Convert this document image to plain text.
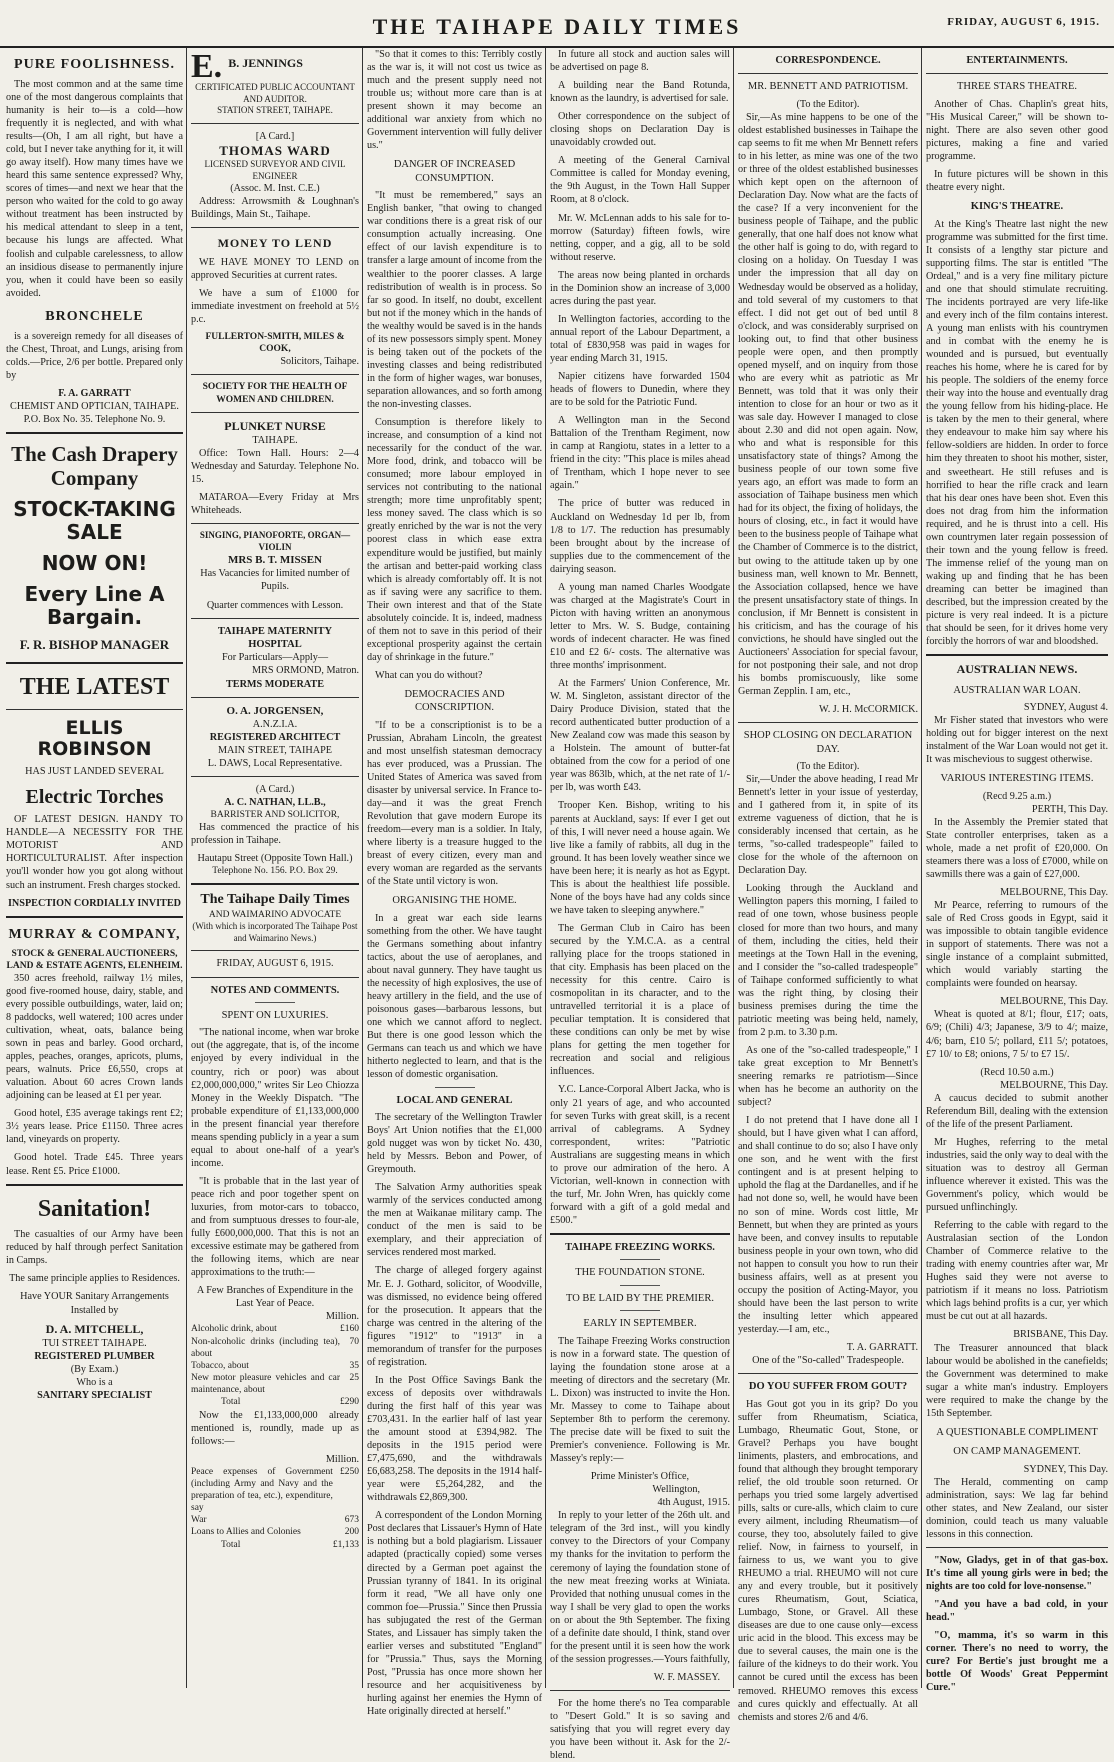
THE TAIHAPE DAILY TIMES	FRIDAY, AUGUST 6, 1915.
PURE FOOLISHNESS.

The most common and at the same time one of the most dangerous complaints that humanity is heir to—is a cold—how frequently it is neglected, and with what results—(Oh, I am all right, but have a cold, but I never take anything for it, it will go away itself). How many times have we heard this same sentence expressed? Why, scores of times—and next we hear that the person who waited for the cold to go away without treatment has been instructed by his medical attendant to sleep in a tent, because his lungs are affected. What foolish and culpable carelessness, to allow an insidious disease to permanently injure you, when it could have been so easily avoided.

BRONCHELE

is a sovereign remedy for all diseases of the Chest, Throat, and Lungs, arising from colds.—Price, 2/6 per bottle. Prepared only by

F. A. GARRATT
CHEMIST AND OPTICIAN, TAIHAPE.
P.O. Box No. 35. Telephone No. 9.
The Cash Drapery Company
STOCK-TAKING SALE
NOW ON!
Every Line A Bargain.
F. R. BISHOP MANAGER
THE LATEST
ELLIS ROBINSON
HAS JUST LANDED SEVERAL
Electric Torches

OF LATEST DESIGN. HANDY TO HANDLE—A NECESSITY FOR THE MOTORIST AND HORTICULTURALIST. After inspection you'll wonder how you got along without such an instrument. Fresh charges stocked.

INSPECTION CORDIALLY INVITED
MURRAY & COMPANY,
STOCK & GENERAL AUCTIONEERS, LAND & ESTATE AGENTS, ELENHEIM.

350 acres freehold, railway 1½ miles, good five-roomed house, dairy, stable, and every possible outbuildings, water, laid on; 8 paddocks, well watered; 100 acres under cultivation, wheat, oats, balance being sown in peas and barley. Good orchard, apples, peaches, oranges, apricots, plums, pears, walnuts. Price £6,550, crops at valuation. About 60 acres Crown lands adjoining can be leased at £1 per year.

Good hotel, £35 average takings rent £2; 3½ years lease. Price £1150. Three acres land, vineyards on property.

Good hotel. Trade £45. Three years lease. Rent £5. Price £1000.

Sanitation!

The casualties of our Army have been reduced by half through perfect Sanitation in Camps.

The same principle applies to Residences.

Have YOUR Sanitary Arrangements Installed by

D. A. MITCHELL,
TUI STREET TAIHAPE.
REGISTERED PLUMBER
(By Exam.)
Who is a
SANITARY SPECIALIST
E. B. JENNINGS
CERTIFICATED PUBLIC ACCOUNTANT AND AUDITOR.
STATION STREET, TAIHAPE.
[A Card.]
THOMAS WARD
LICENSED SURVEYOR AND CIVIL ENGINEER
(Assoc. M. Inst. C.E.)

Address: Arrowsmith & Loughnan's Buildings, Main St., Taihape.

MONEY TO LEND

WE HAVE MONEY TO LEND on approved Securities at current rates.

We have a sum of £1000 for immediate investment on freehold at 5½ p.c.

FULLERTON-SMITH, MILES & COOK,
Solicitors, Taihape.
SOCIETY FOR THE HEALTH OF WOMEN AND CHILDREN.
PLUNKET NURSE
TAIHAPE.

Office: Town Hall. Hours: 2—4 Wednesday and Saturday. Telephone No. 15.

MATAROA—Every Friday at Mrs Whiteheads.

SINGING, PIANOFORTE, ORGAN—VIOLIN
MRS B. T. MISSEN

Has Vacancies for limited number of Pupils.

Quarter commences with Lesson.

TAIHAPE MATERNITY HOSPITAL
For Particulars—Apply—
MRS ORMOND, Matron.
TERMS MODERATE
O. A. JORGENSEN,
A.N.Z.I.A.
REGISTERED ARCHITECT
MAIN STREET, TAIHAPE
L. DAWS, Local Representative.
(A Card.)
A. C. NATHAN, LL.B.,
BARRISTER AND SOLICITOR,

Has commenced the practice of his profession in Taihape.

Hautapu Street (Opposite Town Hall.)
Telephone No. 156. P.O. Box 29.
The Taihape Daily Times
AND WAIMARINO ADVOCATE
(With which is incorporated The Taihape Post and Waimarino News.)
FRIDAY, AUGUST 6, 1915.
NOTES AND COMMENTS.
SPENT ON LUXURIES.

"The national income, when war broke out (the aggregate, that is, of the income enjoyed by every individual in the country, rich or poor) was about £2,000,000,000," writes Sir Leo Chiozza Money in the Weekly Dispatch. "The probable expenditure of £1,133,000,000 in the present financial year therefore means spending publicly in a year a sum equal to about one-half of a year's income.

"It is probable that in the last year of peace rich and poor together spent on luxuries, from motor-cars to tobacco, and from sumptuous dresses to four-ale, fully £600,000,000. That this is not an excessive estimate may be gathered from the following items, which are near approximations to the truth:—

A Few Branches of Expenditure in the Last Year of Peace.
Million.
Alcoholic drink, about	£160
Non-alcoholic drinks (including tea), about	70
Tobacco, about	35
New motor pleasure vehicles and car maintenance, about	25
Total	£290

Now the £1,133,000,000 already mentioned is, roundly, made up as follows:—

Million.
Peace expenses of Government (including Army and Navy and the preparation of tea, etc.), expenditure, say	£250
War	673
Loans to Allies and Colonies	200
Total	£1,133

"So that it comes to this: Terribly costly as the war is, it will not cost us twice as much and the present supply need not trouble us; without more care than is at present shown it may become an additional war anxiety from which no Government intervention will fully deliver us."

DANGER OF INCREASED CONSUMPTION.

"It must be remembered," says an English banker, "that owing to changed war conditions there is a great risk of our consumption actually increasing. One effect of our lavish expenditure is to transfer a large amount of income from the wealthier to the poorer classes. A large redistribution of wealth is in process. So far so good. In itself, no doubt, excellent but not if the money which in the hands of the wealthy would be saved is in the hands of its new possessors simply spent. Money is being taken out of the pockets of the investing classes and being redistributed in the form of higher wages, war bonuses, separation allowances, and so forth among the non-investing classes.

Consumption is therefore likely to increase, and consumption of a kind not necessarily for the conduct of the war. More food, drink, and tobacco will be consumed; more labour employed in services not contributing to the national strength; more time unprofitably spent; less money saved. The class which is so greatly enriched by the war is not the very poorest class in which ease extra expenditure would be justified, but mainly the artisan and better-paid working class which is already comfortably off. It is not as if saving were any sacrifice to them. Their own interest and that of the State absolutely coincide. It is, indeed, madness of them not to save in this period of their exceptional prosperity against the certain day of shrinkage in the future."

What can you do without?

DEMOCRACIES AND CONSCRIPTION.

"If to be a conscriptionist is to be a Prussian, Abraham Lincoln, the greatest and most unselfish statesman democracy has ever produced, was a Prussian. The United States of America was saved from disaster by universal service. In France to-day—and it was the great French Revolution that gave modern Europe its freedom—every man is a soldier. In Italy, where liberty is a treasure hugged to the breast of every citizen, every man and every woman are regarded as the servants of the State until victory is won.

ORGANISING THE HOME.

In a great war each side learns something from the other. We have taught the Germans something about infantry tactics, about the use of aeroplanes, and about naval gunnery. They have taught us the necessity of high explosives, the use of heavy artillery in the field, and the use of poisonous gases—barbarous lessons, but one which we cannot afford to neglect. But there is one good lesson which the Germans can teach us and which we have hitherto neglected to learn, and that is the lesson of domestic organisation.

LOCAL AND GENERAL

The secretary of the Wellington Trawler Boys' Art Union notifies that the £1,000 gold nugget was won by ticket No. 430, held by Messrs. Bebon and Power, of Greymouth.

The Salvation Army authorities speak warmly of the services conducted among the men at Waikanae military camp. The conduct of the men is said to be exemplary, and their appreciation of services rendered most marked.

The charge of alleged forgery against Mr. E. J. Gothard, solicitor, of Woodville, was dismissed, no evidence being offered for the prosecution. It appears that the charge was centred in the altering of the figures "1912" to "1913" in a memorandum of transfer for the purposes of registration.

In the Post Office Savings Bank the excess of deposits over withdrawals during the first half of this year was £703,431. In the earlier half of last year the amount stood at £394,982. The deposits in the 1915 period were £7,475,690, and the withdrawals £6,683,258. The deposits in the 1914 half-year were £5,264,282, and the withdrawals £2,869,300.

A correspondent of the London Morning Post declares that Lissauer's Hymn of Hate is nothing but a bold plagiarism. Lissauer adapted (practically copied) some verses directed by a German poet against the Prussian tyranny of 1841. In its original form it read, "We all have only one common foe—Prussia." Since then Prussia has subjugated the rest of the German States, and Lissauer has simply taken the earlier verses and substituted "England" for "Prussia." Thus, says the Morning Post, "Prussia has once more shown her resource and her acquisitiveness by hurling against her enemies the Hymn of Hate originally directed at herself."

In future all stock and auction sales will be advertised on page 8.

A building near the Band Rotunda, known as the laundry, is advertised for sale.

Other correspondence on the subject of closing shops on Declaration Day is unavoidably crowded out.

A meeting of the General Carnival Committee is called for Monday evening, the 9th August, in the Town Hall Supper Room, at 8 o'clock.

Mr. W. McLennan adds to his sale for to-morrow (Saturday) fifteen fowls, wire netting, copper, and a gig, all to be sold without reserve.

The areas now being planted in orchards in the Dominion show an increase of 3,000 acres during the past year.

In Wellington factories, according to the annual report of the Labour Department, a total of £830,958 was paid in wages for year ending March 31, 1915.

Napier citizens have forwarded 1504 heads of flowers to Dunedin, where they are to be sold for the Patriotic Fund.

A Wellington man in the Second Battalion of the Trentham Regiment, now in camp at Rangiotu, states in a letter to a friend in the city: "This place is miles ahead of Trentham, which I hope never to see again."

The price of butter was reduced in Auckland on Wednesday 1d per lb, from 1/8 to 1/7. The reduction has presumably been brought about by the increase of supplies due to the commencement of the dairying season.

A young man named Charles Woodgate was charged at the Magistrate's Court in Picton with having written an anonymous letter to Mrs. W. S. Budge, containing words of indecent character. He was fined £10 and £2 6/- costs. The alternative was three months' imprisonment.

At the Farmers' Union Conference, Mr. W. M. Singleton, assistant director of the Dairy Produce Division, stated that the record authenticated butter production of a New Zealand cow was made this season by a Holstein. The amount of butter-fat obtained from the cow for a period of one year was 863lb, which, at the net rate of 1/- per lb, was worth £43.

Trooper Ken. Bishop, writing to his parents at Auckland, says: If ever I get out of this, I will never need a house again. We live like a family of rabbits, all dug in the ground. It has been lovely weather since we have been here; it is nearly as hot as Egypt. This is about the healthiest life possible. None of the boys have had any colds since we have taken to sleeping anywhere."

The German Club in Cairo has been secured by the Y.M.C.A. as a central rallying place for the troops stationed in that city. Emphasis has been placed on the necessity for this centre. Cairo is cosmopolitan in its character, and to the untravelled territorial it is a place of peculiar temptation. It is considered that these conditions can only be met by wise plans for getting the men together for recreation and social and religious influences.

Y.C. Lance-Corporal Albert Jacka, who is only 21 years of age, and who accounted for seven Turks with great skill, is a recent arrival of cablegrams. A Sydney correspondent, writes: "Patriotic Australians are suggesting means in which to prove our admiration of the hero. A Victorian, well-known in connection with the turf, Mr. John Wren, has quickly come forward with a gift of a gold medal and £500."

TAIHAPE FREEZING WORKS.
THE FOUNDATION STONE.
TO BE LAID BY THE PREMIER.
EARLY IN SEPTEMBER.

The Taihape Freezing Works construction is now in a forward state. The question of laying the foundation stone arose at a meeting of directors and the secretary (Mr. L. Dixon) was instructed to invite the Hon. Mr. Massey to come to Taihape about September 8th to perform the ceremony. The precise date will be fixed to suit the Premier's convenience. Following is Mr. Massey's reply:—

Prime Minister's Office,
Wellington,
4th August, 1915.

In reply to your letter of the 26th ult. and telegram of the 3rd inst., will you kindly convey to the Directors of your Company my thanks for the invitation to perform the ceremony of laying the foundation stone of the new meat freezing works at Winiata. Provided that nothing unusual comes in the way I shall be very glad to open the works on or about the 9th September. The fixing of a definite date should, I think, stand over for the present until it is seen how the work of the session progresses.—Yours faithfully,

W. F. MASSEY.

For the home there's no Tea comparable to "Desert Gold." It is so saving and satisfying that you will regret every day you have been without it. Ask for the 2/- blend.

CORRESPONDENCE.
MR. BENNETT AND PATRIOTISM.
(To the Editor).

Sir,—As mine happens to be one of the oldest established businesses in Taihape the cap seems to fit me when Mr Bennett refers to in his letter, as mine was one of the two or three of the oldest established businesses which kept open on the afternoon of Declaration Day. Now what are the facts of the case? If a very inconvenient for the business people of Taihape, and the public generally, that one half does not know what the other half is going to do, with regard to closing on a holiday. On Tuesday I was under the impression that all day on Wednesday would be observed as a holiday, and told several of my customers to that effect. I did not get out of bed until 8 o'clock, and was considerably surprised on looking out, to find that other business people were open, and then promptly opened myself, and on inquiry from those who are every whit as patriotic as Mr Bennett, was told that it was only their intention to close for an hour or two as it was sale day. However I managed to close about 2.30 and did not open again. Now, who and what is responsible for this unsatisfactory state of things? Among the business people of our town some five years ago, an effort was made to form an association of Taihape business men which had for its object, the fixing of holidays, the hours of closing, etc., in fact it would have been to the business people of Taihape what the Chamber of Commerce is to the district, but owing to the attitude taken up by one business man, well known to Mr. Bennett, the Association collapsed, hence we have the present unsatisfactory state of things. In conclusion, if Mr Bennett is consistent in his criticism, and has the courage of his convictions, he should have singled out the Auctioneers' Association for special favour, for not postponing their sale, and not drop his bombs promiscuously, like some German Zepplin. I am, etc.,

W. J. H. McCORMICK.
SHOP CLOSING ON DECLARATION DAY.
(To the Editor).

Sir,—Under the above heading, I read Mr Bennett's letter in your issue of yesterday, and I gathered from it, in spite of its extreme vagueness of diction, that he is considerably incensed that certain, as he terms, "so-called tradespeople" failed to close for the whole of the afternoon on Declaration Day.

Looking through the Auckland and Wellington papers this morning, I failed to read of one town, whose business people closed for more than two hours, and many of them, including the cities, held their meetings at the Town Hall in the evening, and I consider the "so-called tradespeople" of Taihape conformed sufficiently to what was the right thing, by closing their business premises during the time the patriotic meeting was being held, namely, from 2 p.m. to 3.30 p.m.

As one of the "so-called tradespeople," I take great exception to Mr Bennett's sneering remarks re patriotism—Since when has he become an authority on the subject?

I do not pretend that I have done all I should, but I have given what I can afford, and shall continue to do so; also I have only one son, and he went with the first contingent and is at present helping to uphold the flag at the Dardanelles, and if he had not done so, well, he would have been no son of mine. Words cost little, Mr Bennett, but when they are printed as yours have been, and convey insults to reputable business people in your own town, who did not happen to consult you how to run their business affairs, well as at present you occupy the position of Acting-Mayor, you should have been the last person to write the insulting letter which appeared yesterday.—I am, etc.,

T. A. GARRATT.
One of the "So-called" Tradespeople.
DO YOU SUFFER FROM GOUT?

Has Gout got you in its grip? Do you suffer from Rheumatism, Sciatica, Lumbago, Rheumatic Gout, Stone, or Gravel? Perhaps you have bought liniments, plasters, and embrocations, and found that although they brought temporary relief, the old trouble soon returned. Or perhaps you tried some largely advertised pills, salts or cure-alls, which claim to cure every ailment, including Rheumatism—of course, they too, absolutely failed to give relief. Now, in fairness to yourself, in fairness to us, we want you to give RHEUMO a trial. RHEUMO will not cure any and every trouble, but it positively cures Rheumatism, Gout, Sciatica, Lumbago, Stone, or Gravel. All these diseases are due to one cause only—excess uric acid in the blood. This excess may be due to several causes, the main one is the failure of the kidneys to do their work. You cannot be cured until the excess has been removed. RHEUMO removes this excess and cures quickly and effectually. At all chemists and stores 2/6 and 4/6.

ENTERTAINMENTS.
THREE STARS THEATRE.

Another of Chas. Chaplin's great hits, "His Musical Career," will be shown to-night. There are also seven other good pictures, making a fine and varied programme.

In future pictures will be shown in this theatre every night.

KING'S THEATRE.

At the King's Theatre last night the new programme was submitted for the first time. It consists of a lengthy star picture and supporting films. The star is entitled "The Ordeal," and is a very fine military picture and one that should stimulate recruiting. The incidents portrayed are very life-like and every inch of the film contains interest. A young man enlists with his countrymen and in combat with the enemy he is wounded and is pursued, but eventually reaches his home, where he is cared for by his people. The soldiers of the enemy force their way into the house and eventually drag the young fellow from his hiding-place. He is taken by the men to their general, where they endeavour to make him say where his fellow-soldiers are hidden. In order to force him they threaten to shoot his mother, sister, and sweetheart. He still refuses and is horrified to hear the rifle crack and learn that his dear ones have been shot. Even this does not drag from him the information required, and he is thrust into a cell. His own countrymen later regain possession of their town and the young fellow is freed. The immense relief of the young man on waking up and finding that he has been dreaming can better be imagined than described, but the impression created by the picture is very real indeed. It is a picture that should be seen, for it drives home very forcibly the horrors of war and bloodshed.

AUSTRALIAN NEWS.
AUSTRALIAN WAR LOAN.
SYDNEY, August 4.

Mr Fisher stated that investors who were holding out for bigger interest on the next instalment of the War Loan would not get it. It was mischevious to suggest otherwise.

VARIOUS INTERESTING ITEMS.
(Recd 9.25 a.m.)
PERTH, This Day.

In the Assembly the Premier stated that State controller enterprises, taken as a whole, made a net profit of £20,000. On steamers there was a loss of £7000, while on sawmills there was a gain of £27,000.

MELBOURNE, This Day.

Mr Pearce, referring to rumours of the sale of Red Cross goods in Egypt, said it was impossible to obtain tangible evidence in support of statements. There was not a single instance of a complaint submitted, which would variably starting the complaints were founded on hearsay.

MELBOURNE, This Day.

Wheat is quoted at 8/1; flour, £17; oats, 6/9; (Chili) 4/3; Japanese, 3/9 to 4/; maize, 4/6; barn, £10 5/; pollard, £11 5/; potatoes, £7 10/ to £8; onions, 7 5/ to £7 15/.

(Recd 10.50 a.m.)
MELBOURNE, This Day.

A caucus decided to submit another Referendum Bill, dealing with the extension of the life of the present Parliament.

Mr Hughes, referring to the metal industries, said the only way to deal with the situation was to destroy all German influence wherever it existed. This was the Government's policy, which would be pursued unflinchingly.

Referring to the cable with regard to the Australasian section of the London Chamber of Commerce relative to the trading with enemy countries after war, Mr Hughes said they were not averse to patriotism if it means no loss. Patriotism which lags behind profits is a cur, yer which must be cut out at all hazards.

BRISBANE, This Day.

The Treasurer announced that black labour would be abolished in the canefields; the Government was determined to make sugar a white man's industry. Employers were required to make the change by the 15th September.

A QUESTIONABLE COMPLIMENT
ON CAMP MANAGEMENT.
SYDNEY, This Day.

The Herald, commenting on camp administration, says: We lag far behind other states, and New Zealand, our sister dominion, could teach us many valuable lessons in this connection.

"Now, Gladys, get in of that gas-box. It's time all young girls were in bed; the nights are too cold for love-nonsense."

"And you have a bad cold, in your head."

"O, mamma, it's so warm in this corner. There's no need to worry, the cure? For Bertie's just brought me a bottle Of Woods' Great Peppermint Cure."
